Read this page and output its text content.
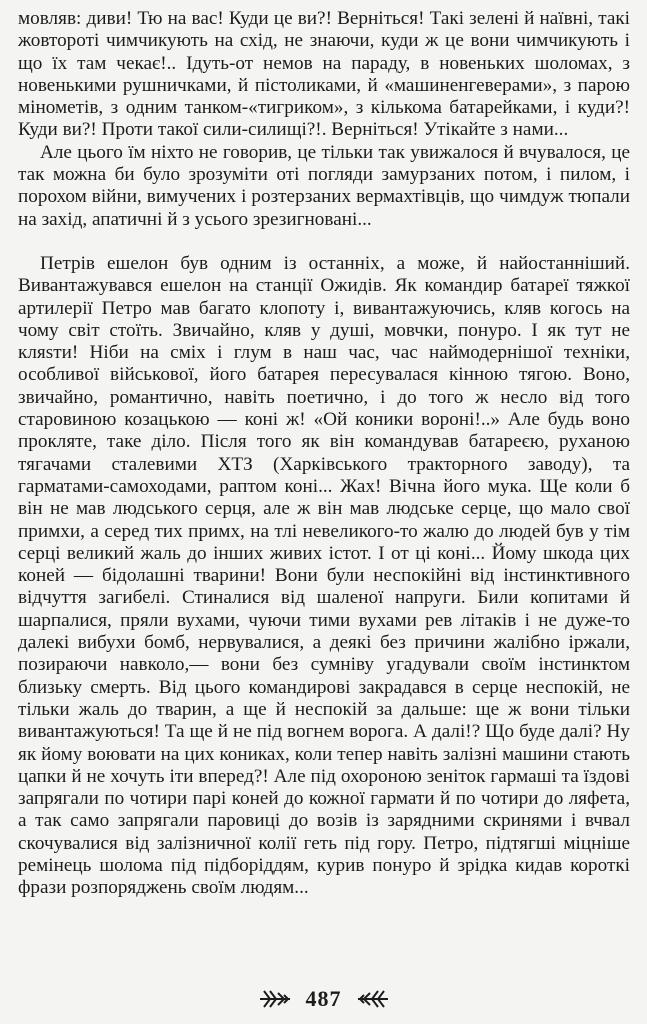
мовляв: диви! Тю на вас! Куди це ви?! Верніться! Такі зелені й наївні, такі жовтороті чимчикують на схід, не знаючи, куди ж це вони чимчикують і що їх там чекає!.. Ідуть-от немов на параду, в новеньких шоломах, з новенькими рушничками, й пістоликами, й «машиненгеверами», з парою мінометів, з одним танком-«тигриком», з кількома батарейками, і куди?! Куди ви?! Проти такої сили-силищі?!. Верніться! Утікайте з нами...

Але цього їм ніхто не говорив, це тільки так увижалося й вчувалося, це так можна би було зрозуміти оті погляди замурзаних потом, і пилом, і порохом війни, вимучених і розтерзаних вермахтівців, що чимдуж тюпали на захід, апатичні й з усього зрезигновані...

Петрів ешелон був одним із останніх, а може, й найостанніший. Вивантажувався ешелон на станції Ожидів. Як командир батареї тяжкої артилерії Петро мав багато клопоту і, вивантажуючись, кляв когось на чому світ стоїть. Звичайно, кляв у душі, мовчки, понуро. І як тут не кляsти! Ніби на сміх і глум в наш час, час наймодернішої техніки, особливої військової, його батарея пересувалася кінною тягою. Воно, звичайно, романтично, навіть поетично, і до того ж несло від того старовиною козацькою — коні ж! «Ой коники вороні!..» Але будь воно прокляте, таке діло. Після того як він командував батареєю, руханою тягачами сталевими ХТЗ (Харківського тракторного заводу), та гарматами-самоходами, раптом коні... Жах! Вічна його мука. Ще коли б він не мав людського серця, але ж він мав людське серце, що мало свої примхи, а серед тих примх, на тлі невеликого-то жалю до людей був у тім серці великий жаль до інших живих істот. І от ці коні... Йому шкода цих коней — бідолашні тварини! Вони були неспокійні від інстинктивного відчуття загибелі. Стиналися від шаленої напруги. Били копитами й шарпалися, пряли вухами, чуючи тими вухами рев літаків і не дуже-то далекі вибухи бомб, нервувалися, а деякі без причини жалібно іржали, позираючи навколо,— вони без сумніву угадували своїм інстинктом близьку смерть. Від цього командирові закрадався в серце неспокій, не тільки жаль до тварин, а ще й неспокій за дальше: ще ж вони тільки вивантажуються! Та ще й не під вогнем ворога. А далі!? Що буде далі? Ну як йому воювати на цих кониках, коли тепер навіть залізні машини стають цапки й не хочуть іти вперед?! Але під охороною зеніток гармаші та їздові запрягали по чотири парі коней до кожної гармати й по чотири до ляфета, а так само запрягали паровиці до возів із зарядними скринями і вчвал скочувалися від залізничної колії геть під гору. Петро, підтягші міцніше ремінець шолома під підборіддям, курив понуро й зрідка кидав короткі фрази розпоряджень своїм людям...

487
